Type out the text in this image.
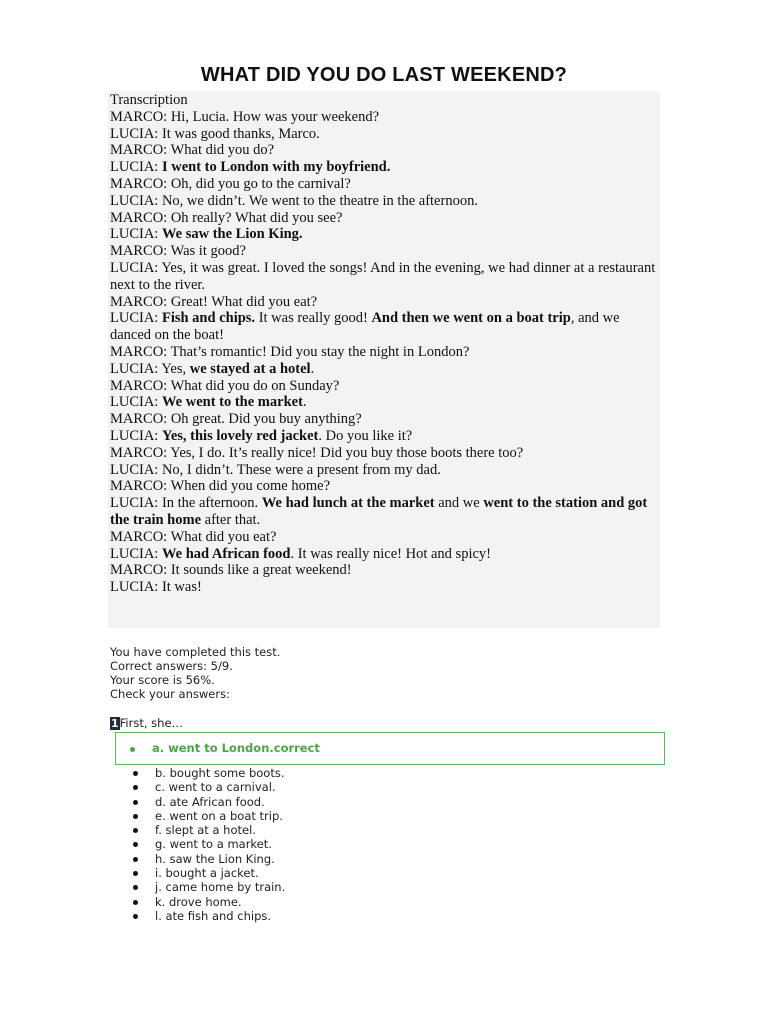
WHAT DID YOU DO LAST WEEKEND?
Transcription
MARCO: Hi, Lucia. How was your weekend?
LUCIA: It was good thanks, Marco.
MARCO: What did you do?
LUCIA: I went to London with my boyfriend.
MARCO: Oh, did you go to the carnival?
LUCIA: No, we didn’t. We went to the theatre in the afternoon.
MARCO: Oh really? What did you see?
LUCIA: We saw the Lion King.
MARCO: Was it good?
LUCIA: Yes, it was great. I loved the songs! And in the evening, we had dinner at a restaurant next to the river.
MARCO: Great! What did you eat?
LUCIA: Fish and chips. It was really good! And then we went on a boat trip, and we danced on the boat!
MARCO: That’s romantic! Did you stay the night in London?
LUCIA: Yes, we stayed at a hotel.
MARCO: What did you do on Sunday?
LUCIA: We went to the market.
MARCO: Oh great. Did you buy anything?
LUCIA: Yes, this lovely red jacket. Do you like it?
MARCO: Yes, I do. It’s really nice! Did you buy those boots there too?
LUCIA: No, I didn’t. These were a present from my dad.
MARCO: When did you come home?
LUCIA: In the afternoon. We had lunch at the market and we went to the station and got the train home after that.
MARCO: What did you eat?
LUCIA: We had African food. It was really nice! Hot and spicy!
MARCO: It sounds like a great weekend!
LUCIA: It was!
You have completed this test.
Correct answers: 5/9.
Your score is 56%.
Check your answers:
1First, she…
a. went to London.correct
b. bought some boots.
c. went to a carnival.
d. ate African food.
e. went on a boat trip.
f. slept at a hotel.
g. went to a market.
h. saw the Lion King.
i. bought a jacket.
j. came home by train.
k. drove home.
l. ate fish and chips.
